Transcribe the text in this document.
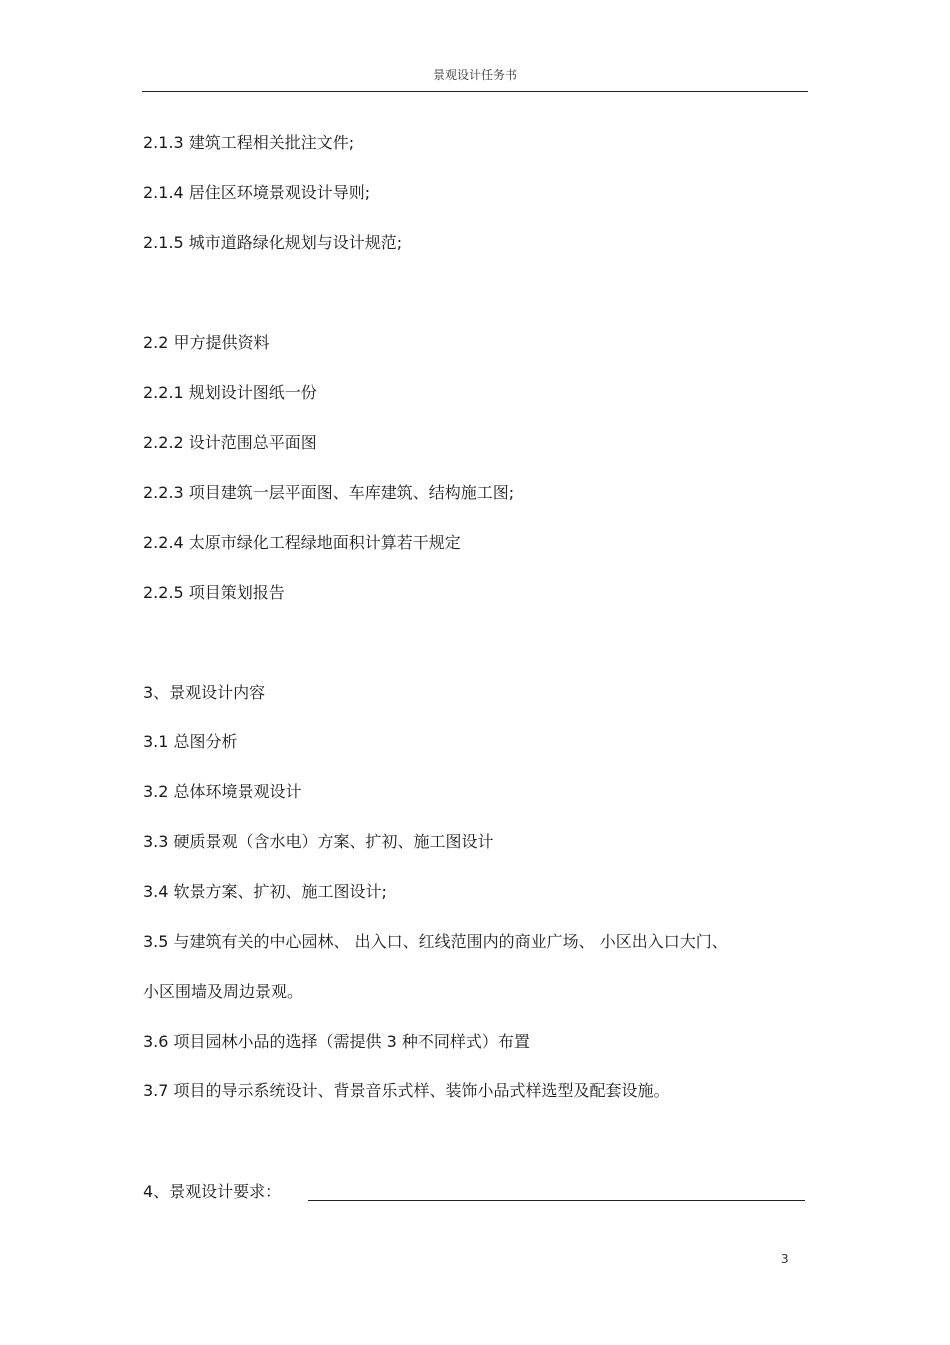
景观设计任务书
2.1.3 建筑工程相关批注文件;
2.1.4 居住区环境景观设计导则;
2.1.5 城市道路绿化规划与设计规范;
2.2 甲方提供资料
2.2.1 规划设计图纸一份
2.2.2 设计范围总平面图
2.2.3 项目建筑一层平面图、车库建筑、结构施工图;
2.2.4 太原市绿化工程绿地面积计算若干规定
2.2.5 项目策划报告
3、景观设计内容
3.1 总图分析
3.2 总体环境景观设计
3.3 硬质景观（含水电）方案、扩初、施工图设计
3.4 软景方案、扩初、施工图设计;
3.5 与建筑有关的中心园林、 出入口、红线范围内的商业广场、 小区出入口大门、
小区围墙及周边景观。
3.6 项目园林小品的选择（需提供 3 种不同样式）布置
3.7 项目的导示系统设计、背景音乐式样、装饰小品式样选型及配套设施。
4、景观设计要求：
3
